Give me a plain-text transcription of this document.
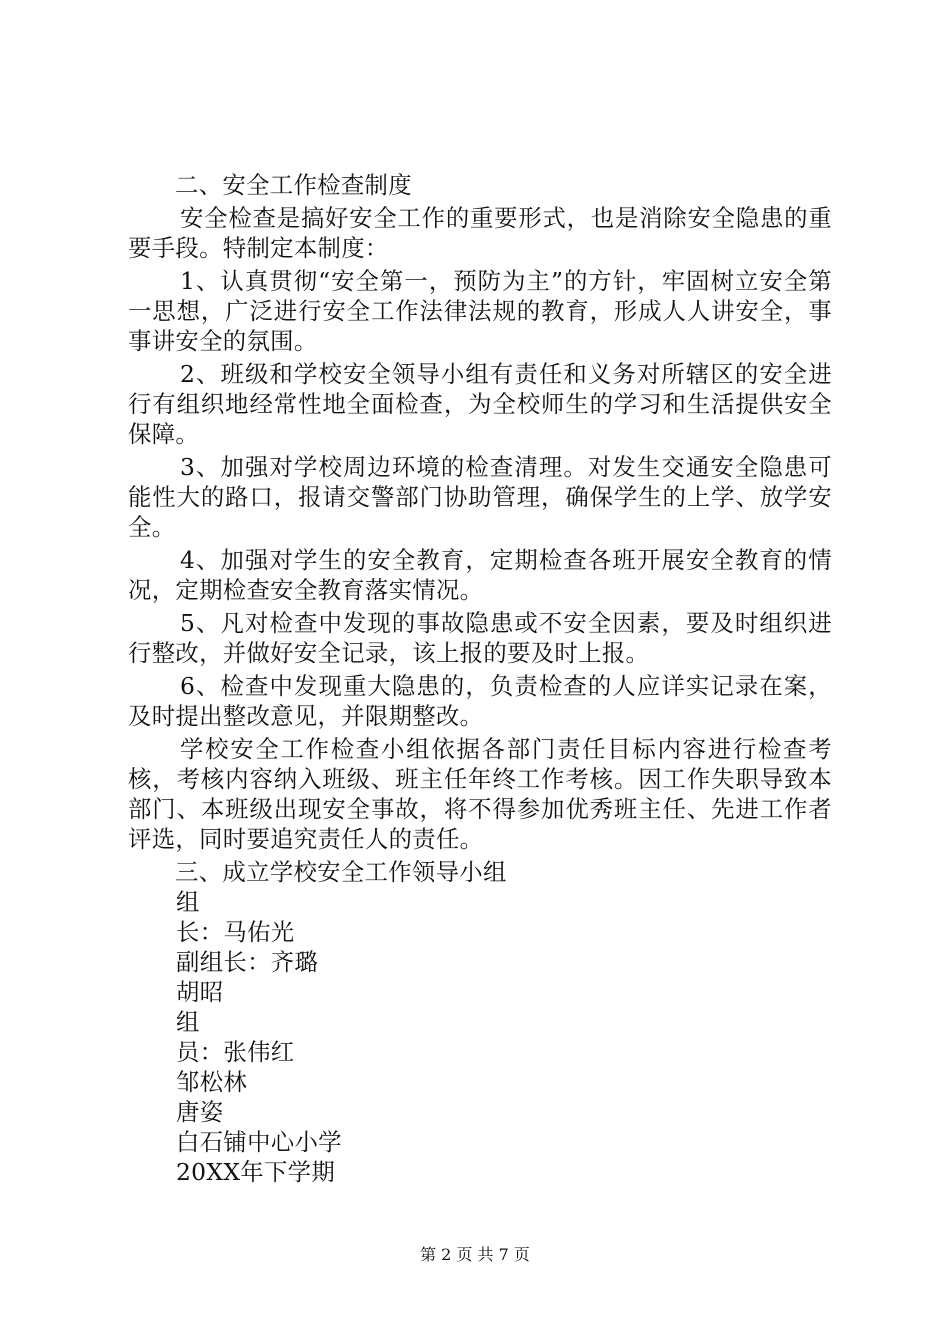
二、安全工作检查制度

安全检查是搞好安全工作的重要形式，也是消除安全隐患的重要手段。特制定本制度：

1、认真贯彻“安全第一，预防为主”的方针，牢固树立安全第一思想，广泛进行安全工作法律法规的教育，形成人人讲安全，事事讲安全的氛围。

2、班级和学校安全领导小组有责任和义务对所辖区的安全进行有组织地经常性地全面检查，为全校师生的学习和生活提供安全保障。

3、加强对学校周边环境的检查清理。对发生交通安全隐患可能性大的路口，报请交警部门协助管理，确保学生的上学、放学安全。

4、加强对学生的安全教育，定期检查各班开展安全教育的情况，定期检查安全教育落实情况。

5、凡对检查中发现的事故隐患或不安全因素，要及时组织进行整改，并做好安全记录，该上报的要及时上报。

6、检查中发现重大隐患的，负责检查的人应详实记录在案，及时提出整改意见，并限期整改。

学校安全工作检查小组依据各部门责任目标内容进行检查考核，考核内容纳入班级、班主任年终工作考核。因工作失职导致本部门、本班级出现安全事故，将不得参加优秀班主任、先进工作者评选，同时要追究责任人的责任。

三、成立学校安全工作领导小组

组

长：马佑光

副组长：齐璐

胡昭

组

员：张伟红

邹松林

唐姿

白石铺中心小学

20XX年下学期

第 2 页 共 7 页
